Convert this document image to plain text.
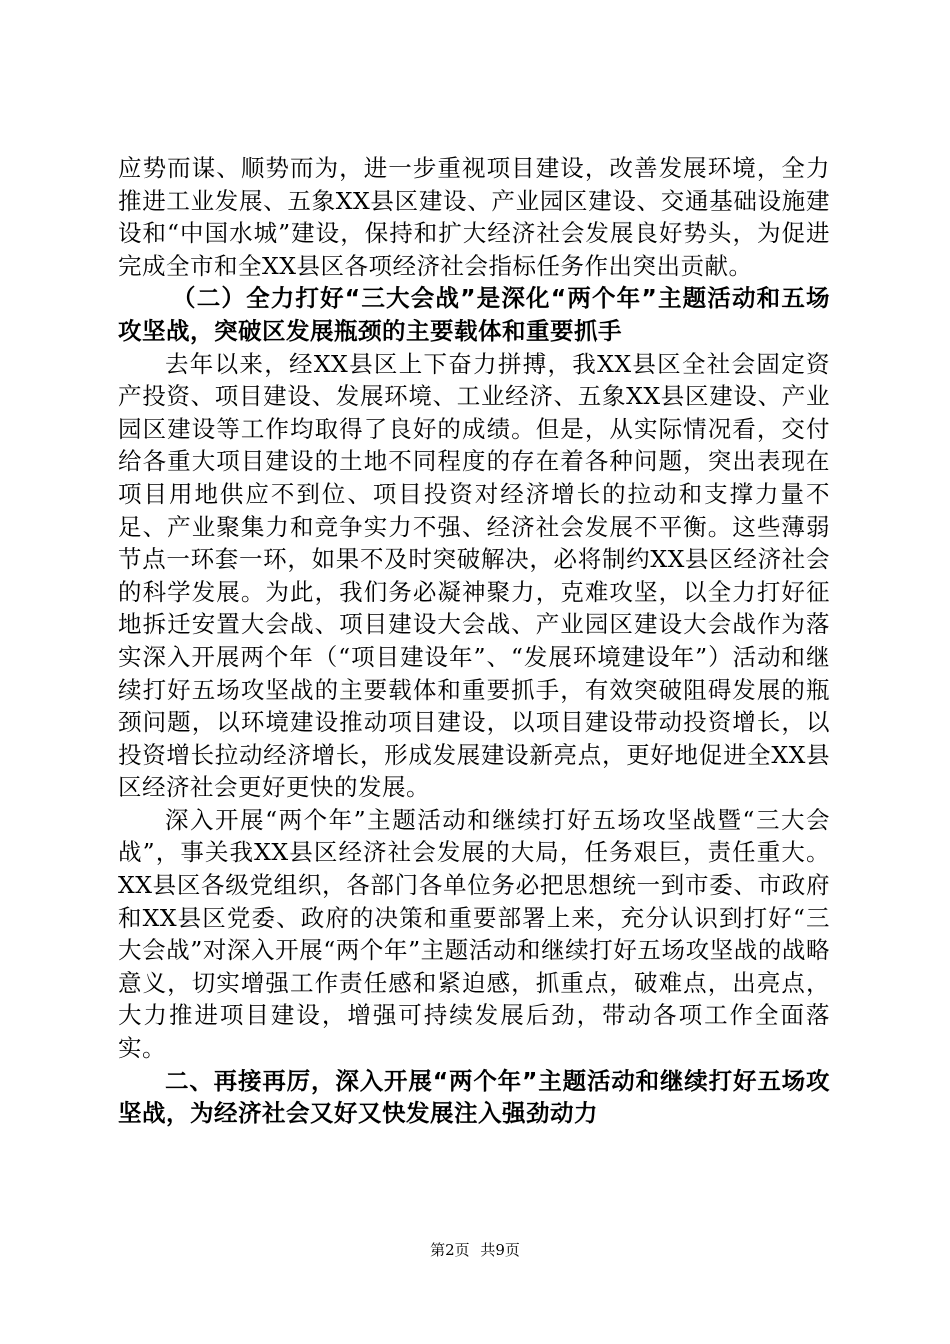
应势而谋、顺势而为，进一步重视项目建设，改善发展环境，全力推进工业发展、五象XX县区建设、产业园区建设、交通基础设施建设和“中国水城”建设，保持和扩大经济社会发展良好势头，为促进完成全市和全XX县区各项经济社会指标任务作出突出贡献。

（二）全力打好“三大会战”是深化“两个年”主题活动和五场攻坚战，突破区发展瓶颈的主要载体和重要抓手

去年以来，经XX县区上下奋力拼搏，我XX县区全社会固定资产投资、项目建设、发展环境、工业经济、五象XX县区建设、产业园区建设等工作均取得了良好的成绩。但是，从实际情况看，交付给各重大项目建设的土地不同程度的存在着各种问题，突出表现在项目用地供应不到位、项目投资对经济增长的拉动和支撑力量不足、产业聚集力和竞争实力不强、经济社会发展不平衡。这些薄弱节点一环套一环，如果不及时突破解决，必将制约XX县区经济社会的科学发展。为此，我们务必凝神聚力，克难攻坚，以全力打好征地拆迁安置大会战、项目建设大会战、产业园区建设大会战作为落实深入开展两个年（“项目建设年”、“发展环境建设年”）活动和继续打好五场攻坚战的主要载体和重要抓手，有效突破阻碍发展的瓶颈问题，以环境建设推动项目建设，以项目建设带动投资增长，以投资增长拉动经济增长，形成发展建设新亮点，更好地促进全XX县区经济社会更好更快的发展。

深入开展“两个年”主题活动和继续打好五场攻坚战暨“三大会战”，事关我XX县区经济社会发展的大局，任务艰巨，责任重大。XX县区各级党组织，各部门各单位务必把思想统一到市委、市政府和XX县区党委、政府的决策和重要部署上来，充分认识到打好“三大会战”对深入开展“两个年”主题活动和继续打好五场攻坚战的战略意义，切实增强工作责任感和紧迫感，抓重点，破难点，出亮点，大力推进项目建设，增强可持续发展后劲，带动各项工作全面落实。

二、再接再厉，深入开展“两个年”主题活动和继续打好五场攻坚战，为经济社会又好又快发展注入强劲动力

第2页 共9页
